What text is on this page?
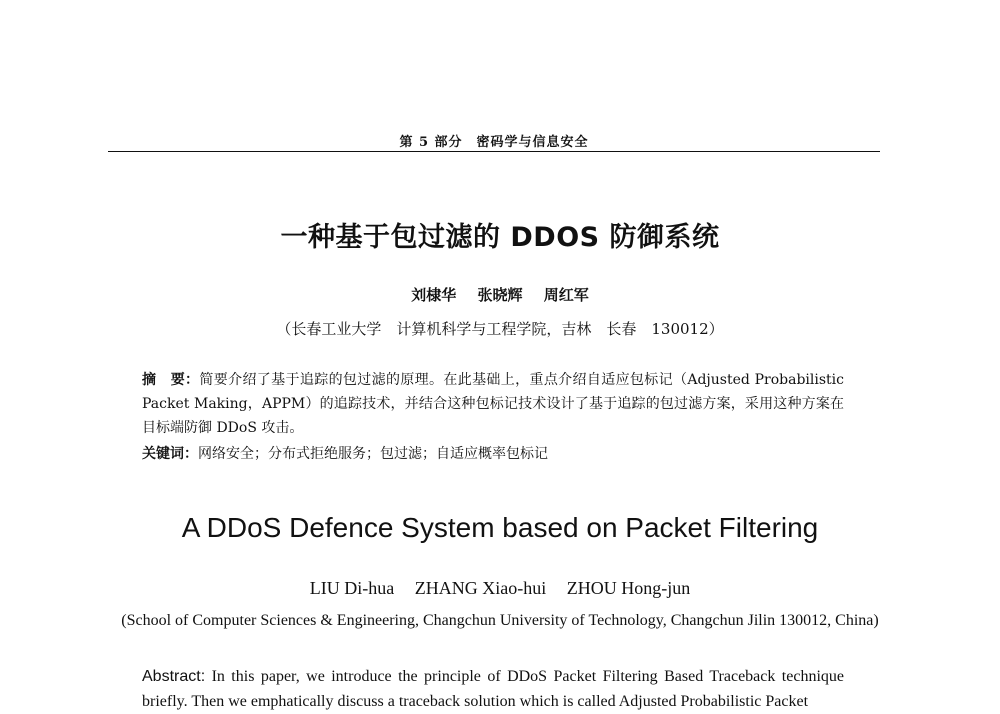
第 5 部分 密码学与信息安全
一种基于包过滤的 DDOS 防御系统
刘棣华 张晓辉 周红军
（长春工业大学　计算机科学与工程学院，吉林　长春　130012）
摘　要：简要介绍了基于追踪的包过滤的原理。在此基础上，重点介绍自适应包标记（Adjusted Probabilistic Packet Making，APPM）的追踪技术，并结合这种包标记技术设计了基于追踪的包过滤方案，采用这种方案在目标端防御 DDoS 攻击。
关键词：网络安全；分布式拒绝服务；包过滤；自适应概率包标记
A DDoS Defence System based on Packet Filtering
LIU Di-hua ZHANG Xiao-hui ZHOU Hong-jun
(School of Computer Sciences & Engineering, Changchun University of Technology, Changchun Jilin 130012, China)
Abstract: In this paper, we introduce the principle of DDoS Packet Filtering Based Traceback technique briefly. Then we emphatically discuss a traceback solution which is called Adjusted Probabilistic Packet
